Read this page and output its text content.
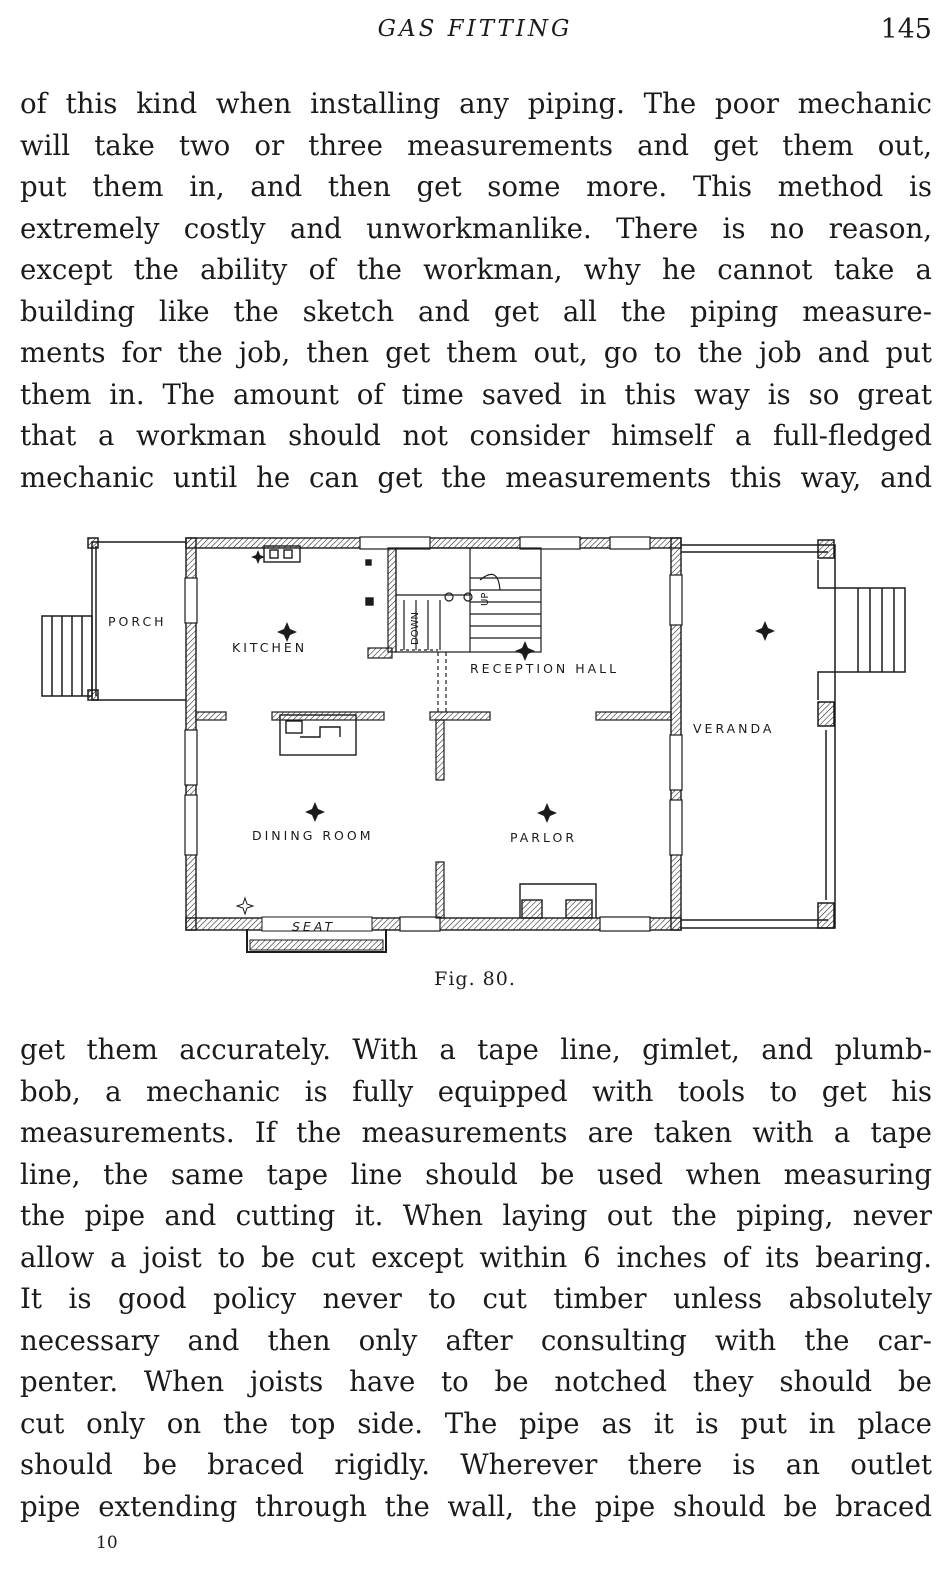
GAS FITTING	145
of this kind when installing any piping. The poor mechanic
will take two or three measurements and get them out,
put them in, and then get some more. This method is
extremely costly and unworkmanlike. There is no reason,
except the ability of the workman, why he cannot take a
building like the sketch and get all the piping measure-
ments for the job, then get them out, go to the job and put
them in. The amount of time saved in this way is so great
that a workman should not consider himself a full-fledged
mechanic until he can get the measurements this way, and
SEAT
PORCH
VERANDA
DOWN
UP
KITCHEN
RECEPTION HALL
DINING ROOM	PARLOR
Fig. 80.
get them accurately. With a tape line, gimlet, and plumb-
bob, a mechanic is fully equipped with tools to get his
measurements. If the measurements are taken with a tape
line, the same tape line should be used when measuring
the pipe and cutting it. When laying out the piping, never
allow a joist to be cut except within 6 inches of its bearing.
It is good policy never to cut timber unless absolutely
necessary and then only after consulting with the car-
penter. When joists have to be notched they should be
cut only on the top side. The pipe as it is put in place
should be braced rigidly. Wherever there is an outlet
pipe extending through the wall, the pipe should be braced
10
